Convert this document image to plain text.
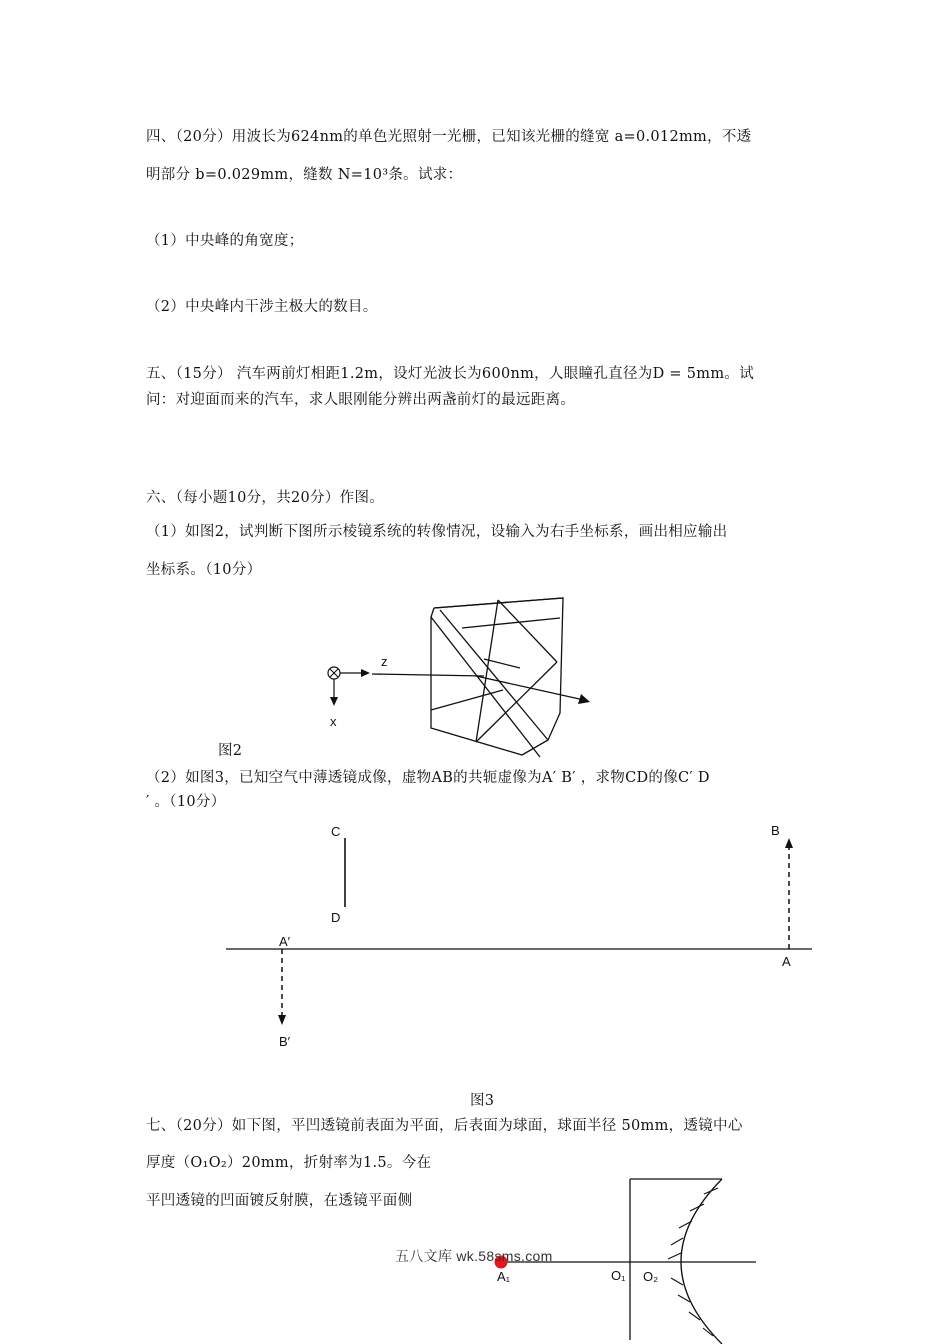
四、（20分）用波长为624nm的单色光照射一光栅，已知该光栅的缝宽 a=0.012mm，不透
明部分 b=0.029mm，缝数 N=10³条。试求：
（1）中央峰的角宽度；
（2）中央峰内干涉主极大的数目。
五、（15分） 汽车两前灯相距1.2m，设灯光波长为600nm，人眼瞳孔直径为D = 5mm。试
问：对迎面而来的汽车，求人眼刚能分辨出两盏前灯的最远距离。
六、（每小题10分，共20分）作图。
（1）如图2，试判断下图所示棱镜系统的转像情况，设输入为右手坐标系，画出相应输出
坐标系。（10分）
z
x
图2
（2）如图3，已知空气中薄透镜成像，虚物AB的共轭虚像为A′ B′ ，求物CD的像C′ D
′ 。（10分）
C
D
B
A
A′
B′
图3
七、（20分）如下图，平凹透镜前表面为平面，后表面为球面，球面半径 50mm，透镜中心
厚度（O₁O₂）20mm，折射率为1.5。今在
平凹透镜的凹面镀反射膜，在透镜平面侧
A₁	O₁ O₂
五八文库 wk.58sms.com
